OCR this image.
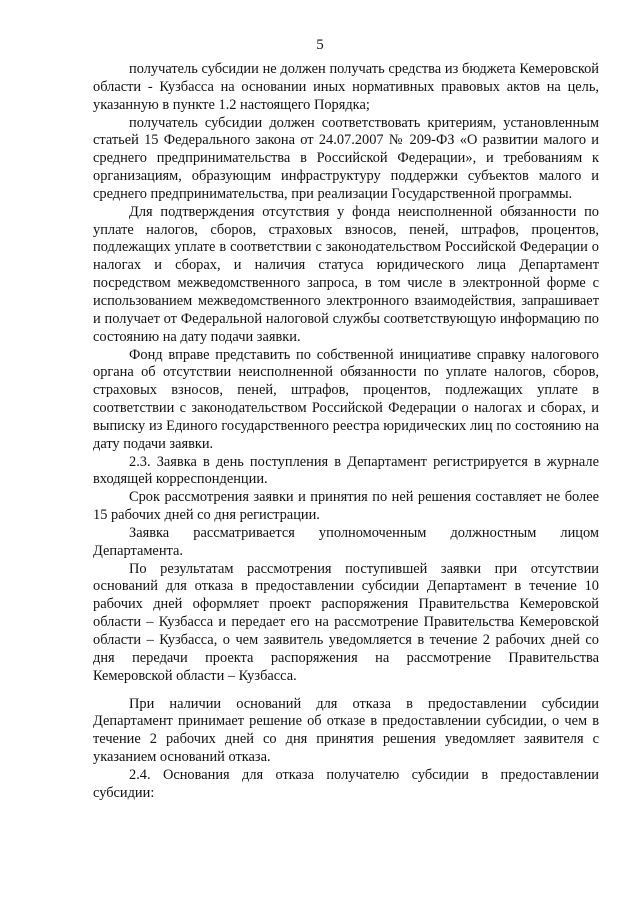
5

получатель субсидии не должен получать средства из бюджета Кемеровской области - Кузбасса на основании иных нормативных правовых актов на цель, указанную в пункте 1.2 настоящего Порядка;

получатель субсидии должен соответствовать критериям, установленным статьей 15 Федерального закона от 24.07.2007 № 209-ФЗ «О развитии малого и среднего предпринимательства в Российской Федерации», и требованиям к организациям, образующим инфраструктуру поддержки субъектов малого и среднего предпринимательства, при реализации Государственной программы.

Для подтверждения отсутствия у фонда неисполненной обязанности по уплате налогов, сборов, страховых взносов, пеней, штрафов, процентов, подлежащих уплате в соответствии с законодательством Российской Федерации о налогах и сборах, и наличия статуса юридического лица Департамент посредством межведомственного запроса, в том числе в электронной форме с использованием межведомственного электронного взаимодействия, запрашивает и получает от Федеральной налоговой службы соответствующую информацию по состоянию на дату подачи заявки.

Фонд вправе представить по собственной инициативе справку налогового органа об отсутствии неисполненной обязанности по уплате налогов, сборов, страховых взносов, пеней, штрафов, процентов, подлежащих уплате в соответствии с законодательством Российской Федерации о налогах и сборах, и выписку из Единого государственного реестра юридических лиц по состоянию на дату подачи заявки.

2.3. Заявка в день поступления в Департамент регистрируется в журнале входящей корреспонденции.

Срок рассмотрения заявки и принятия по ней решения составляет не более 15 рабочих дней со дня регистрации.

Заявка рассматривается уполномоченным должностным лицом Департамента.

По результатам рассмотрения поступившей заявки при отсутствии оснований для отказа в предоставлении субсидии Департамент в течение 10 рабочих дней оформляет проект распоряжения Правительства Кемеровской области – Кузбасса и передает его на рассмотрение Правительства Кемеровской области – Кузбасса, о чем заявитель уведомляется в течение 2 рабочих дней со дня передачи проекта распоряжения на рассмотрение Правительства Кемеровской области – Кузбасса.

При наличии оснований для отказа в предоставлении субсидии Департамент принимает решение об отказе в предоставлении субсидии, о чем в течение 2 рабочих дней со дня принятия решения уведомляет заявителя с указанием оснований отказа.

2.4. Основания для отказа получателю субсидии в предоставлении субсидии:
